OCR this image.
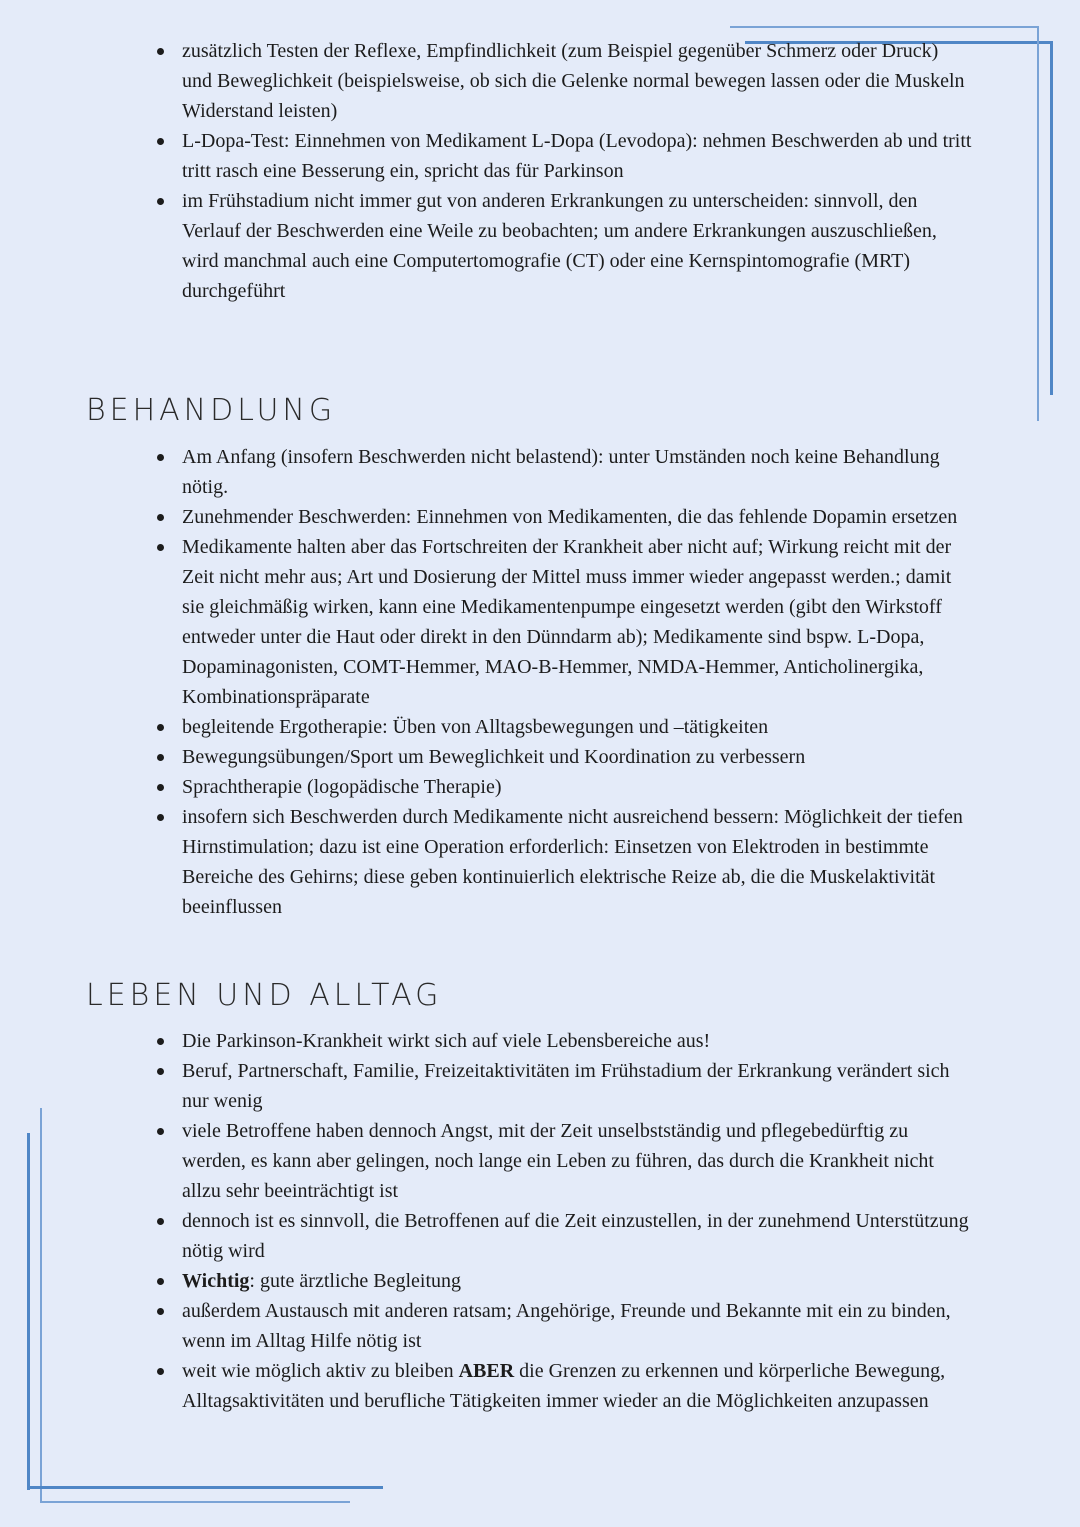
zusätzlich Testen der Reflexe, Empfindlichkeit (zum Beispiel gegenüber Schmerz oder Druck) und Beweglichkeit (beispielsweise, ob sich die Gelenke normal bewegen lassen oder die Muskeln Widerstand leisten)
L-Dopa-Test: Einnehmen von Medikament L-Dopa (Levodopa): nehmen Beschwerden ab und tritt tritt rasch eine Besserung ein, spricht das für Parkinson
im Frühstadium nicht immer gut von anderen Erkrankungen zu unterscheiden: sinnvoll, den Verlauf der Beschwerden eine Weile zu beobachten; um andere Erkrankungen auszuschließen, wird manchmal auch eine Computertomografie (CT) oder eine Kernspintomografie (MRT) durchgeführt
BEHANDLUNG
Am Anfang (insofern Beschwerden nicht belastend): unter Umständen noch keine Behandlung nötig.
Zunehmender Beschwerden: Einnehmen von Medikamenten, die das fehlende Dopamin ersetzen
Medikamente halten aber das Fortschreiten der Krankheit aber nicht auf; Wirkung reicht mit der Zeit nicht mehr aus; Art und Dosierung der Mittel muss immer wieder angepasst werden.; damit sie gleichmäßig wirken, kann eine Medikamentenpumpe eingesetzt werden (gibt den Wirkstoff entweder unter die Haut oder direkt in den Dünndarm ab); Medikamente sind bspw. L-Dopa, Dopaminagonisten, COMT-Hemmer, MAO-B-Hemmer, NMDA-Hemmer, Anticholinergika, Kombinationspräparate
begleitende Ergotherapie: Üben von Alltagsbewegungen und –tätigkeiten
Bewegungsübungen/Sport um Beweglichkeit und Koordination zu verbessern
Sprachtherapie (logopädische Therapie)
insofern sich Beschwerden durch Medikamente nicht ausreichend bessern: Möglichkeit der tiefen Hirnstimulation; dazu ist eine Operation erforderlich: Einsetzen von Elektroden in bestimmte Bereiche des Gehirns; diese geben kontinuierlich elektrische Reize ab, die die Muskelaktivität beeinflussen
LEBEN UND ALLTAG
Die Parkinson-Krankheit wirkt sich auf viele Lebensbereiche aus!
Beruf, Partnerschaft, Familie, Freizeitaktivitäten im Frühstadium der Erkrankung verändert sich nur wenig
viele Betroffene haben dennoch Angst, mit der Zeit unselbstständig und pflegebedürftig zu werden, es kann aber gelingen, noch lange ein Leben zu führen, das durch die Krankheit nicht allzu sehr beeinträchtigt ist
dennoch ist es sinnvoll, die Betroffenen auf die Zeit einzustellen, in der zunehmend Unterstützung nötig wird
Wichtig: gute ärztliche Begleitung
außerdem Austausch mit anderen ratsam; Angehörige, Freunde und Bekannte mit ein zu binden, wenn im Alltag Hilfe nötig ist
weit wie möglich aktiv zu bleiben ABER die Grenzen zu erkennen und körperliche Bewegung, Alltagsaktivitäten und berufliche Tätigkeiten immer wieder an die Möglichkeiten anzupassen
